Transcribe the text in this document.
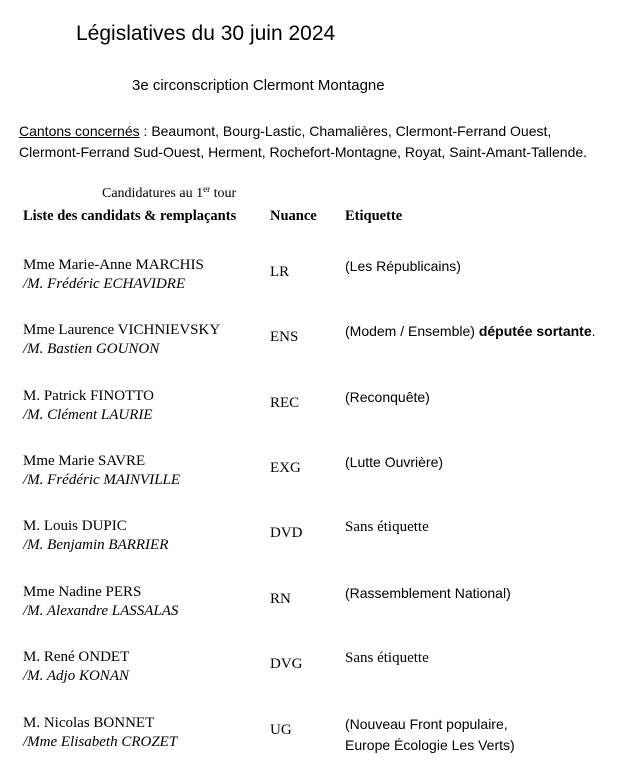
Législatives du 30 juin 2024
3e circonscription Clermont Montagne
Cantons concernés : Beaumont, Bourg-Lastic, Chamalières, Clermont-Ferrand Ouest,
Clermont-Ferrand Sud-Ouest, Herment, Rochefort-Montagne, Royat, Saint-Amant-Tallende.
Candidatures au 1er tour
Liste des candidats & remplaçants Nuance Etiquette
Mme Marie-Anne MARCHIS
/M. Frédéric ECHAVIDRE
LR	(Les Républicains)
Mme Laurence VICHNIEVSKY
/M. Bastien GOUNON
ENS	(Modem / Ensemble) députée sortante.
M. Patrick FINOTTO
/M. Clément LAURIE
REC	(Reconquête)
Mme Marie SAVRE
/M. Frédéric MAINVILLE
EXG	(Lutte Ouvrière)
M. Louis DUPIC
/M. Benjamin BARRIER
DVD	Sans étiquette
Mme Nadine PERS
/M. Alexandre LASSALAS
RN	(Rassemblement National)
M. René ONDET
/M. Adjo KONAN
DVG	Sans étiquette
M. Nicolas BONNET
/Mme Elisabeth CROZET
UG	(Nouveau Front populaire,
Europe Écologie Les Verts)
